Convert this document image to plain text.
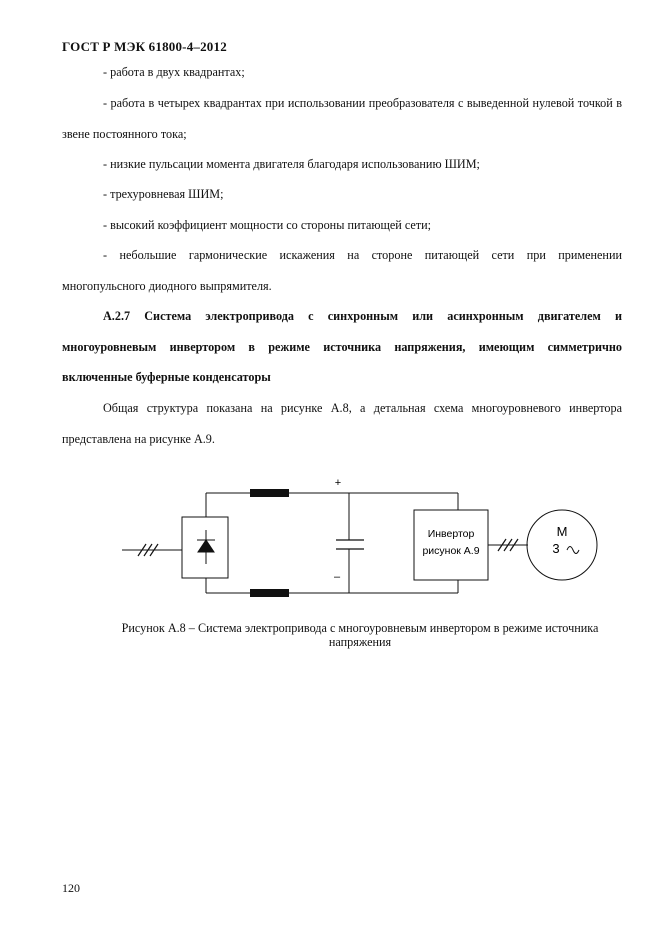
ГОСТ Р МЭК 61800-4–2012
- работа в двух квадрантах;
- работа в четырех квадрантах при использовании преобразователя с выведенной нулевой точкой в звене постоянного тока;
- низкие пульсации момента двигателя благодаря использованию ШИМ;
- трехуровневая ШИМ;
- высокий коэффициент мощности со стороны питающей сети;
- небольшие гармонические искажения на стороне питающей сети при применении многопульсного диодного выпрямителя.
А.2.7 Система электропривода с синхронным или асинхронным двигателем и многоуровневым инвертором в режиме источника напряжения, имеющим симметрично включенные буферные конденсаторы
Общая структура показана на рисунке А.8, а детальная схема многоуровневого инвертора представлена на рисунке А.9.
+
–
Инвертор
рисунок А.9
М
3
Рисунок А.8 – Система электропривода с многоуровневым инвертором в режиме источника напряжения
120
